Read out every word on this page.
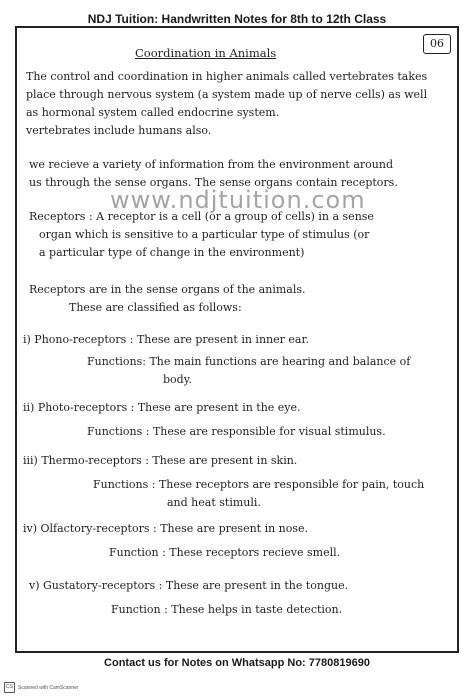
NDJ Tuition: Handwritten Notes for 8th to 12th Class
06
Coordination in Animals
The control and coordination in higher animals called vertebrates takes
place through nervous system (a system made up of nerve cells) as well
as hormonal system called endocrine system.
vertebrates include humans also.
we recieve a variety of information from the environment around
us through the sense organs. The sense organs contain receptors.
Receptors : A receptor is a cell (or a group of cells) in a sense
organ which is sensitive to a particular type of stimulus (or
a particular type of change in the environment)
Receptors are in the sense organs of the animals.
These are classified as follows:
i) Phono-receptors : These are present in inner ear.
Functions: The main functions are hearing and balance of
body.
ii) Photo-receptors : These are present in the eye.
Functions : These are responsible for visual stimulus.
iii) Thermo-receptors : These are present in skin.
Functions : These receptors are responsible for pain, touch
and heat stimuli.
iv) Olfactory-receptors : These are present in nose.
Function : These receptors recieve smell.
v) Gustatory-receptors : These are present in the tongue.
Function : These helps in taste detection.
www.ndjtuition.com
Contact us for Notes on Whatsapp No: 7780819690
CS	Scanned with CamScanner
